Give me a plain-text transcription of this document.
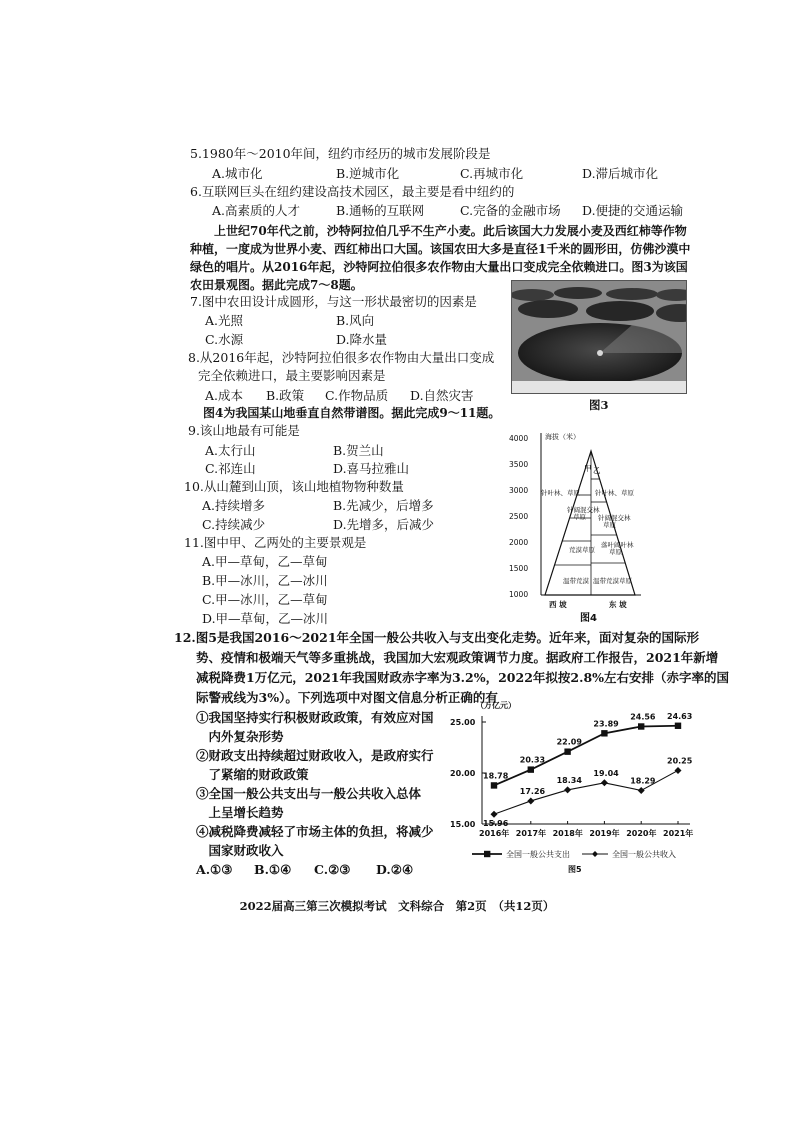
5.1980年～2010年间，纽约市经历的城市发展阶段是
A.城市化	B.逆城市化	C.再城市化	D.滞后城市化
6.互联网巨头在纽约建设高技术园区，最主要是看中纽约的
A.高素质的人才	B.通畅的互联网	C.完备的金融市场 D.便捷的交通运输
　　上世纪70年代之前，沙特阿拉伯几乎不生产小麦。此后该国大力发展小麦及西红柿等作物
种植，一度成为世界小麦、西红柿出口大国。该国农田大多是直径1千米的圆形田，仿佛沙漠中
绿色的唱片。从2016年起，沙特阿拉伯很多农作物由大量出口变成完全依赖进口。图3为该国
农田景观图。据此完成7～8题。
图3
7.图中农田设计成圆形，与这一形状最密切的因素是
A.光照	B.风向
C.水源	D.降水量
8.从2016年起，沙特阿拉伯很多农作物由大量出口变成
完全依赖进口，最主要影响因素是
A.成本 B.政策 C.作物品质 D.自然灾害
图4为我国某山地垂直自然带谱图。据此完成9～11题。
9.该山地最有可能是
A.太行山	B.贺兰山
C.祁连山	D.喜马拉雅山
10.从山麓到山顶，该山地植物物种数量
A.持续增多	B.先减少，后增多
C.持续减少	D.先增多，后减少
11.图中甲、乙两处的主要景观是
A.甲—草甸，乙—草甸
B.甲—冰川，乙—冰川
C.甲—冰川，乙—草甸
D.甲—草甸，乙—冰川
4000
3500
3000
2500
2000
1500
1000
海拔（米）
甲 乙
针叶林、草原 针叶林、草原
针阔混交林
草原 针阔混交林
草原
荒漠草原
落叶阔叶林
草原
温带荒漠 温带荒漠草原
西 坡	东 坡
图4
12.图5是我国2016～2021年全国一般公共收入与支出变化走势。近年来，面对复杂的国际形
势、疫情和极端天气等多重挑战，我国加大宏观政策调节力度。据政府工作报告，2021年新增
减税降费1万亿元，2021年我国财政赤字率为3.2%，2022年拟按2.8%左右安排（赤字率的国
际警戒线为3%）。下列选项中对图文信息分析正确的有
①我国坚持实行积极财政政策，有效应对国
　内外复杂形势
②财政支出持续超过财政收入，是政府实行
　了紧缩的财政政策
③全国一般公共支出与一般公共收入总体
　上呈增长趋势
④减税降费减轻了市场主体的负担，将减少
　国家财政收入
A.①③ B.①④ C.②③ D.②④
（万亿元）
25.00
20.00
15.00
2016年 2017年 2018年 2019年 2020年 2021年
18.78
20.33
22.09
23.89
24.56 24.63
15.96
17.26
18.34
19.04
18.29
20.25
全国一般公共支出	全国一般公共收入
图5
2022届高三第三次模拟考试　文科综合　第2页　（共12页）
